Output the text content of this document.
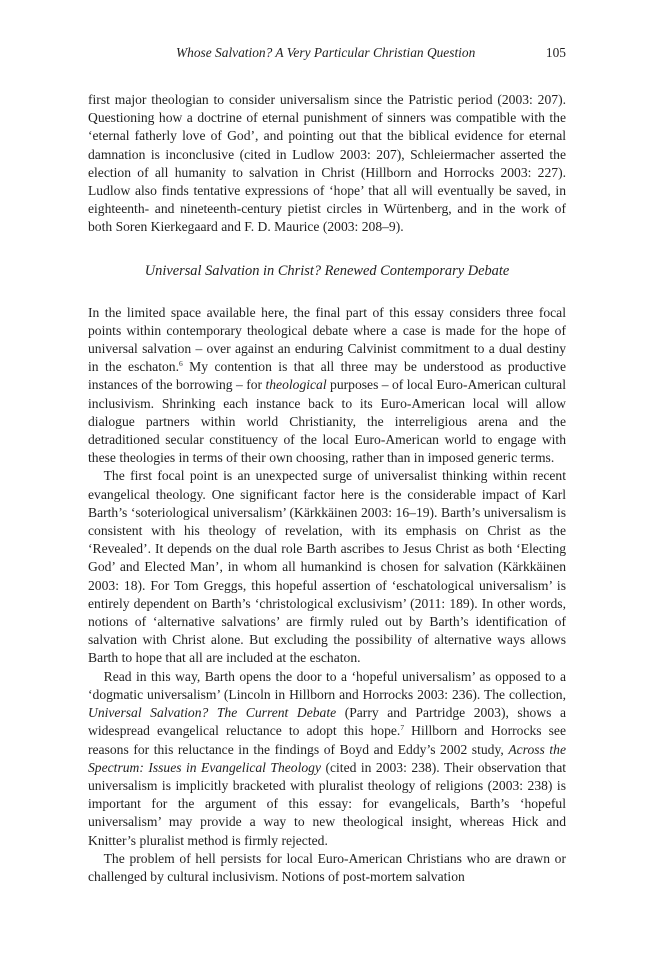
Whose Salvation? A Very Particular Christian Question	105

first major theologian to consider universalism since the Patristic period (2003: 207). Questioning how a doctrine of eternal punishment of sinners was compatible with the ‘eternal fatherly love of God’, and pointing out that the biblical evidence for eternal damnation is inconclusive (cited in Ludlow 2003: 207), Schleiermacher asserted the election of all humanity to salvation in Christ (Hillborn and Horrocks 2003: 227). Ludlow also finds tentative expressions of ‘hope’ that all will eventually be saved, in eighteenth- and nineteenth-century pietist circles in Würtenberg, and in the work of both Soren Kierkegaard and F. D. Maurice (2003: 208–9).

Universal Salvation in Christ? Renewed Contemporary Debate

In the limited space available here, the final part of this essay considers three focal points within contemporary theological debate where a case is made for the hope of universal salvation – over against an enduring Calvinist commitment to a dual destiny in the eschaton.$^6$ My contention is that all three may be understood as productive instances of the borrowing – for theological purposes – of local Euro-American cultural inclusivism. Shrinking each instance back to its Euro-American local will allow dialogue partners within world Christianity, the interreligious arena and the detraditioned secular constituency of the local Euro-American world to engage with these theologies in terms of their own choosing, rather than in imposed generic terms.

The first focal point is an unexpected surge of universalist thinking within recent evangelical theology. One significant factor here is the considerable impact of Karl Barth’s ‘soteriological universalism’ (Kärkkäinen 2003: 16–19). Barth’s universalism is consistent with his theology of revelation, with its emphasis on Christ as the ‘Revealed’. It depends on the dual role Barth ascribes to Jesus Christ as both ‘Electing God’ and Elected Man’, in whom all humankind is chosen for salvation (Kärkkäinen 2003: 18). For Tom Greggs, this hopeful assertion of ‘eschatological universalism’ is entirely dependent on Barth’s ‘christological exclusivism’ (2011: 189). In other words, notions of ‘alternative salvations’ are firmly ruled out by Barth’s identification of salvation with Christ alone. But excluding the possibility of alternative ways allows Barth to hope that all are included at the eschaton.

Read in this way, Barth opens the door to a ‘hopeful universalism’ as opposed to a ‘dogmatic universalism’ (Lincoln in Hillborn and Horrocks 2003: 236). The collection, Universal Salvation? The Current Debate (Parry and Partridge 2003), shows a widespread evangelical reluctance to adopt this hope.$^7$ Hillborn and Horrocks see reasons for this reluctance in the findings of Boyd and Eddy’s 2002 study, Across the Spectrum: Issues in Evangelical Theology (cited in 2003: 238). Their observation that universalism is implicitly bracketed with pluralist theology of religions (2003: 238) is important for the argument of this essay: for evangelicals, Barth’s ‘hopeful universalism’ may provide a way to new theological insight, whereas Hick and Knitter’s pluralist method is firmly rejected.

The problem of hell persists for local Euro-American Christians who are drawn or challenged by cultural inclusivism. Notions of post-mortem salvation
